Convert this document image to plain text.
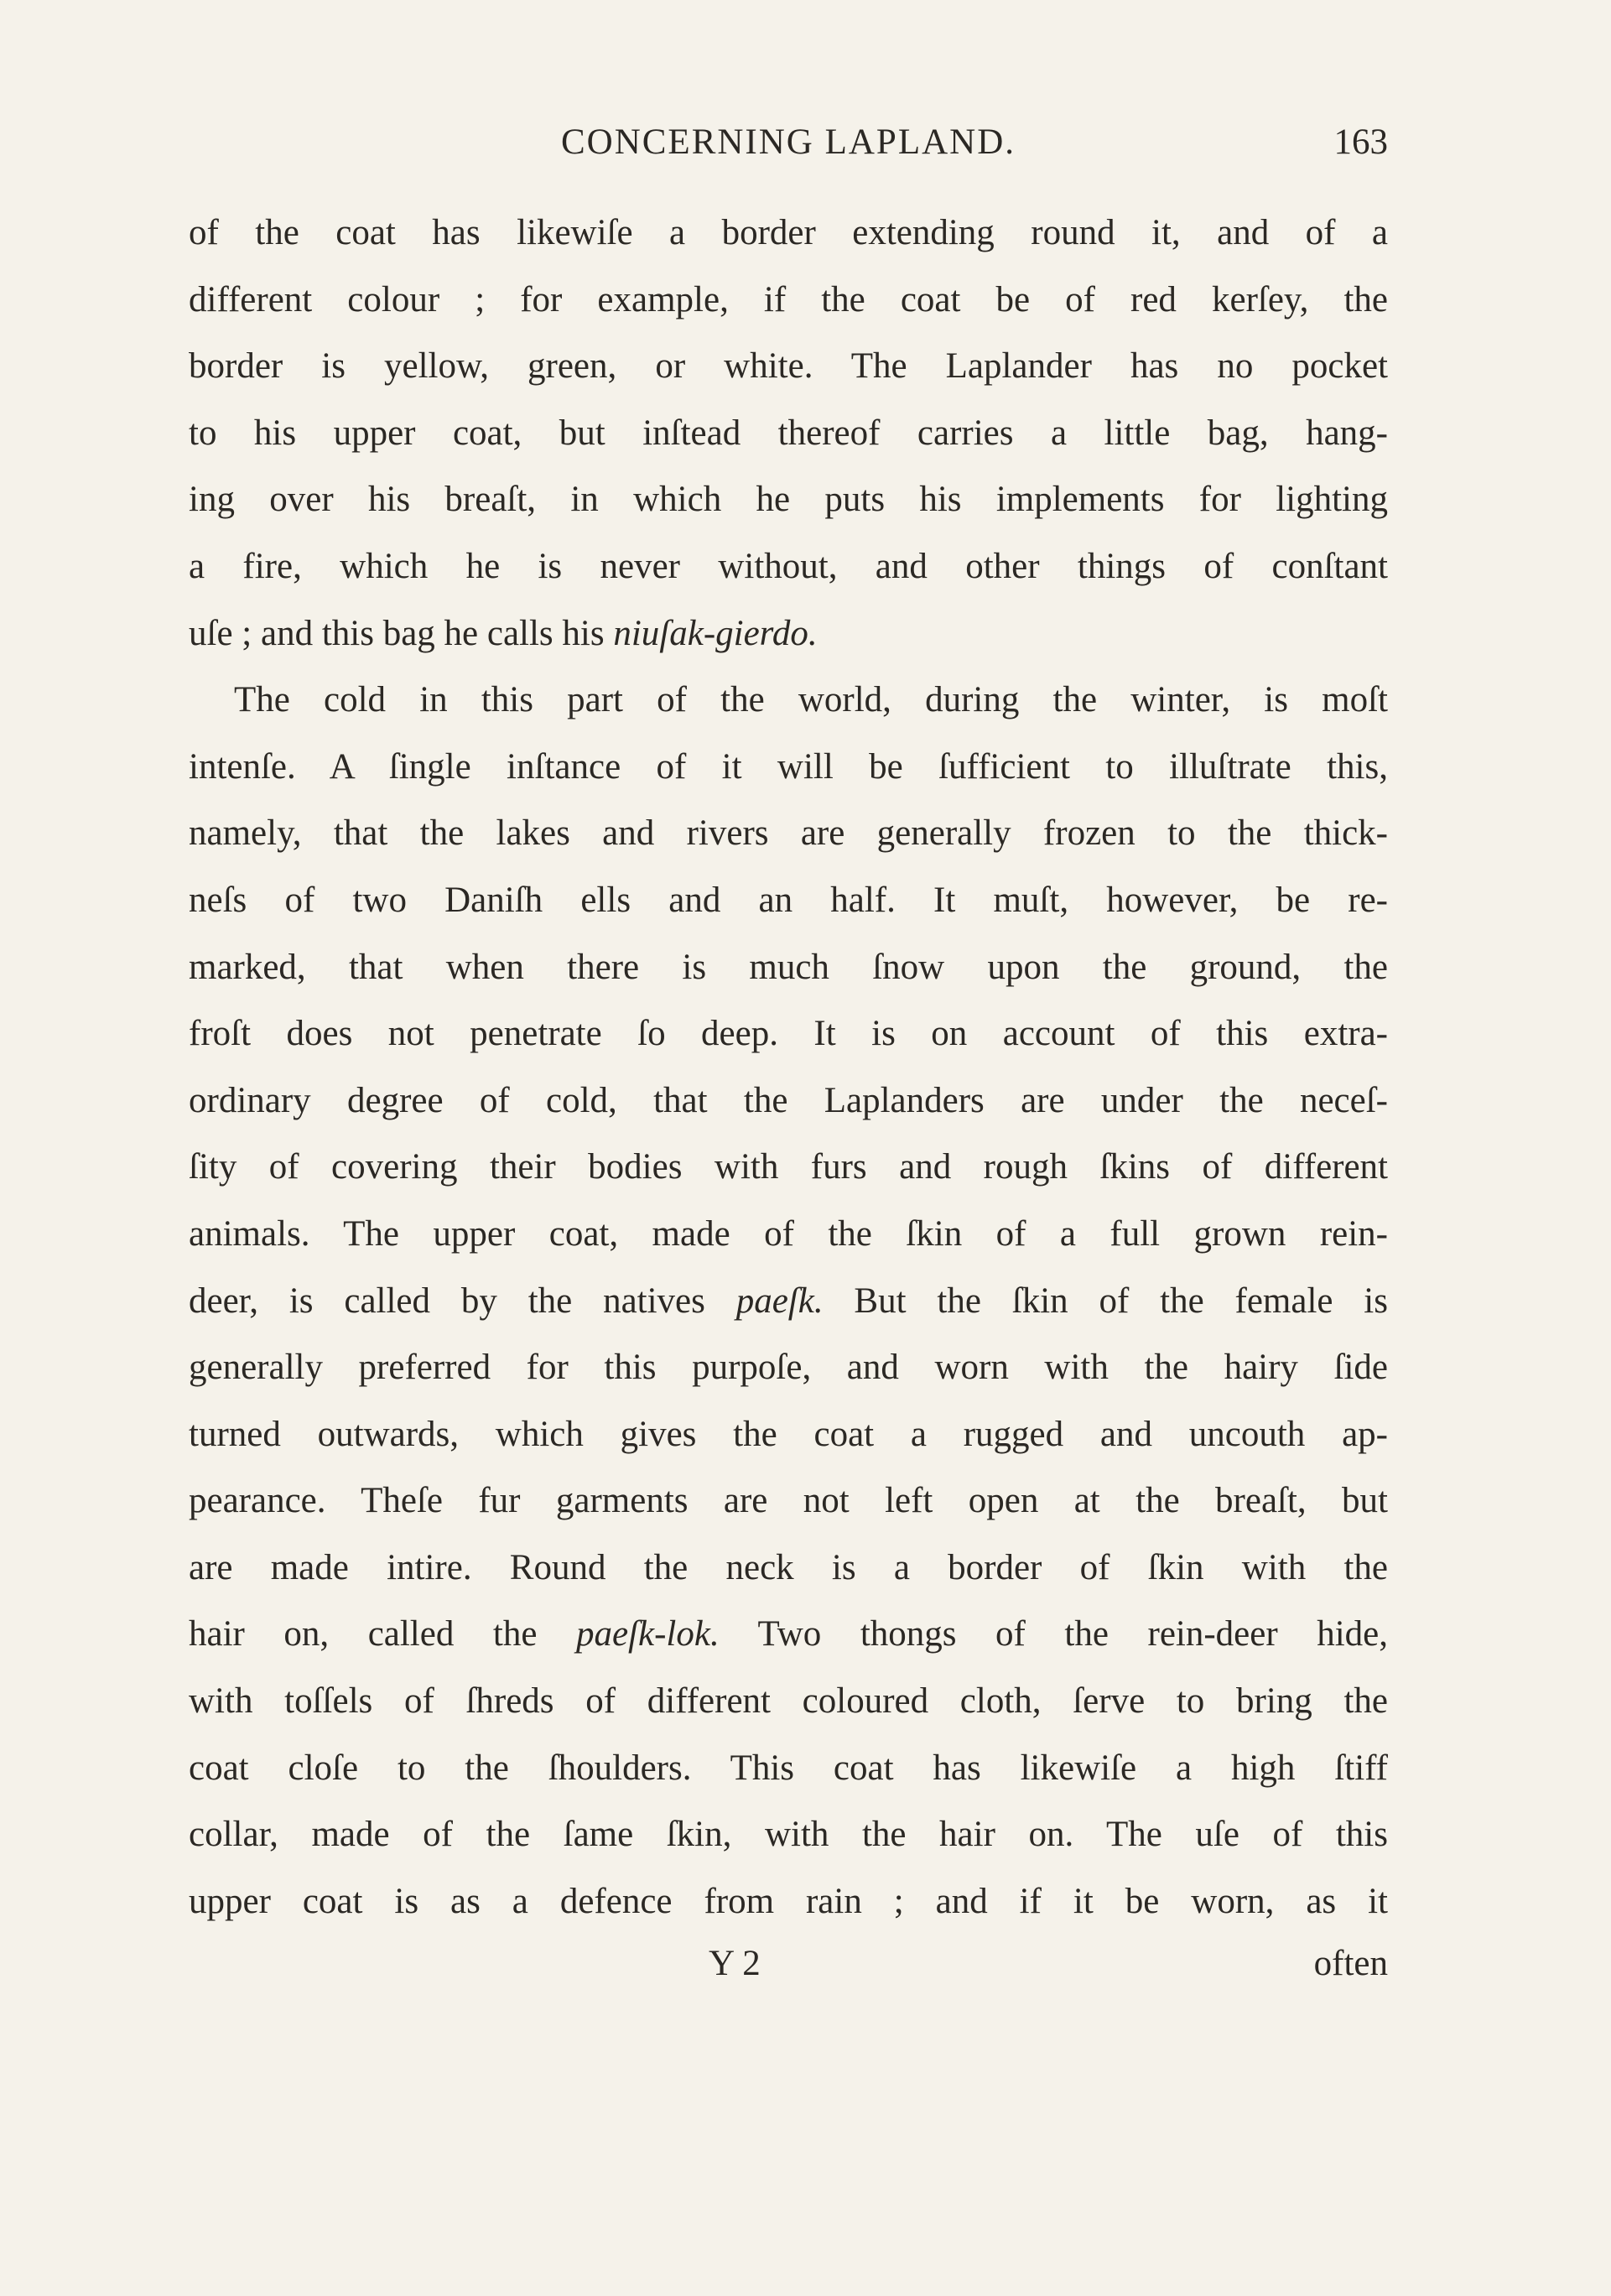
CONCERNING LAPLAND.	163
of the coat has likewiſe a border extending round it, and of a
different colour ; for example, if the coat be of red kerſey, the
border is yellow, green, or white. The Laplander has no pocket
to his upper coat, but inſtead thereof carries a little bag, hang-
ing over his breaſt, in which he puts his implements for lighting
a fire, which he is never without, and other things of conſtant
uſe ; and this bag he calls his niuſak-gierdo.
The cold in this part of the world, during the winter, is moſt
intenſe. A ſingle inſtance of it will be ſufficient to illuſtrate this,
namely, that the lakes and rivers are generally frozen to the thick-
neſs of two Daniſh ells and an half. It muſt, however, be re-
marked, that when there is much ſnow upon the ground, the
froſt does not penetrate ſo deep. It is on account of this extra-
ordinary degree of cold, that the Laplanders are under the neceſ-
ſity of covering their bodies with furs and rough ſkins of different
animals. The upper coat, made of the ſkin of a full grown rein-
deer, is called by the natives paeſk. But the ſkin of the female is
generally preferred for this purpoſe, and worn with the hairy ſide
turned outwards, which gives the coat a rugged and uncouth ap-
pearance. Theſe fur garments are not left open at the breaſt, but
are made intire. Round the neck is a border of ſkin with the
hair on, called the paeſk-lok. Two thongs of the rein-deer hide,
with toſſels of ſhreds of different coloured cloth, ſerve to bring the
coat cloſe to the ſhoulders. This coat has likewiſe a high ſtiff
collar, made of the ſame ſkin, with the hair on. The uſe of this
upper coat is as a defence from rain ; and if it be worn, as it
Y 2	often
